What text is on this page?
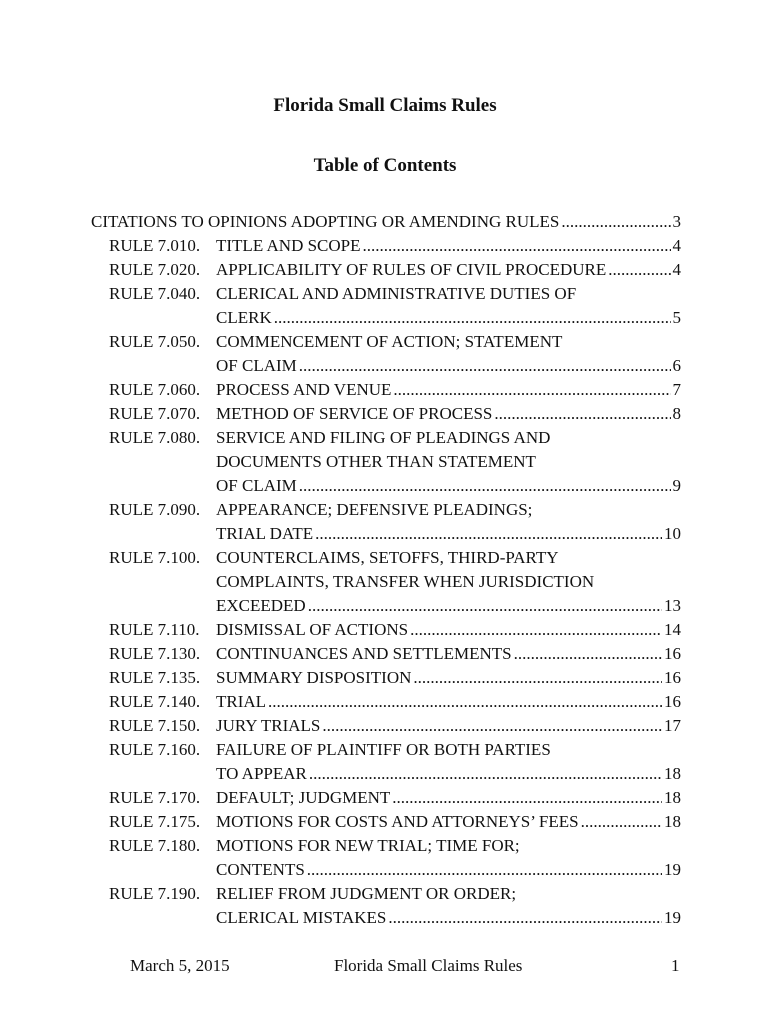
Florida Small Claims Rules
Table of Contents
CITATIONS TO OPINIONS ADOPTING OR AMENDING RULES .....	3
RULE 7.010. TITLE AND SCOPE .....	4
RULE 7.020. APPLICABILITY OF RULES OF CIVIL PROCEDURE .....	4
RULE 7.040. CLERICAL AND ADMINISTRATIVE DUTIES OF
CLERK .....	5
RULE 7.050. COMMENCEMENT OF ACTION; STATEMENT
OF CLAIM .....	6
RULE 7.060. PROCESS AND VENUE .....	7
RULE 7.070. METHOD OF SERVICE OF PROCESS .....	8
RULE 7.080. SERVICE AND FILING OF PLEADINGS AND
DOCUMENTS OTHER THAN STATEMENT
OF CLAIM .....	9
RULE 7.090. APPEARANCE; DEFENSIVE PLEADINGS;
TRIAL DATE .....	10
RULE 7.100. COUNTERCLAIMS, SETOFFS, THIRD-PARTY
COMPLAINTS, TRANSFER WHEN JURISDICTION
EXCEEDED .....	13
RULE 7.110. DISMISSAL OF ACTIONS .....	14
RULE 7.130. CONTINUANCES AND SETTLEMENTS .....	16
RULE 7.135. SUMMARY DISPOSITION .....	16
RULE 7.140. TRIAL .....	16
RULE 7.150. JURY TRIALS .....	17
RULE 7.160. FAILURE OF PLAINTIFF OR BOTH PARTIES
TO APPEAR .....	18
RULE 7.170. DEFAULT; JUDGMENT .....	18
RULE 7.175. MOTIONS FOR COSTS AND ATTORNEYS’ FEES .....	18
RULE 7.180. MOTIONS FOR NEW TRIAL; TIME FOR;
CONTENTS .....	19
RULE 7.190. RELIEF FROM JUDGMENT OR ORDER;
CLERICAL MISTAKES .....	19
March 5, 2015	Florida Small Claims Rules	1
